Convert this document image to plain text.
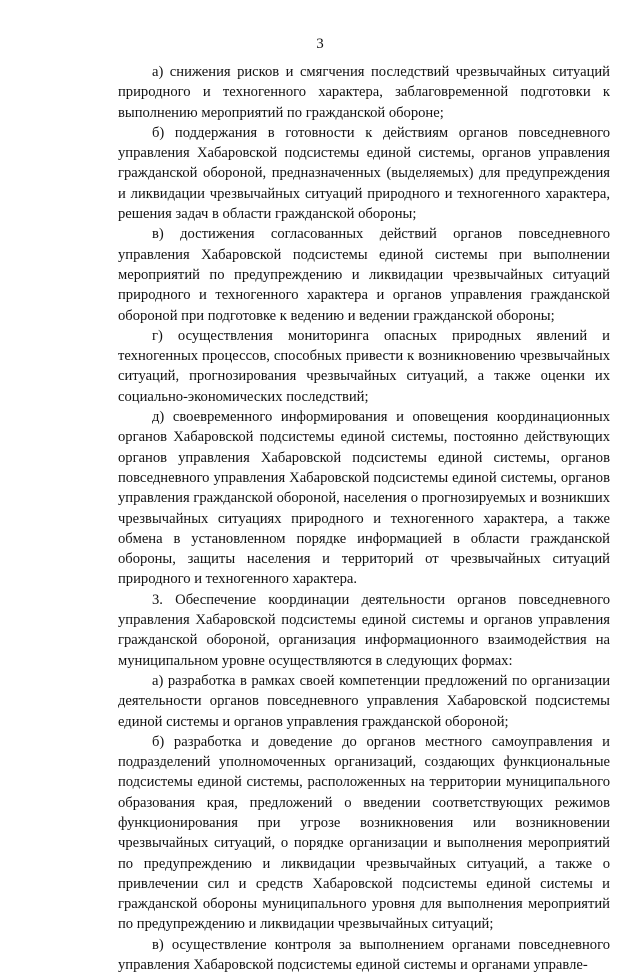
3

а) снижения рисков и смягчения последствий чрезвычайных ситуаций природного и техногенного характера, заблаговременной подготовки к выполнению мероприятий по гражданской обороне;

б) поддержания в готовности к действиям органов повседневного управления Хабаровской подсистемы единой системы, органов управления гражданской обороной, предназначенных (выделяемых) для предупреждения и ликвидации чрезвычайных ситуаций природного и техногенного характера, решения задач в области гражданской обороны;

в) достижения согласованных действий органов повседневного управления Хабаровской подсистемы единой системы при выполнении мероприятий по предупреждению и ликвидации чрезвычайных ситуаций природного и техногенного характера и органов управления гражданской обороной при подготовке к ведению и ведении гражданской обороны;

г) осуществления мониторинга опасных природных явлений и техногенных процессов, способных привести к возникновению чрезвычайных ситуаций, прогнозирования чрезвычайных ситуаций, а также оценки их социально-экономических последствий;

д) своевременного информирования и оповещения координационных органов Хабаровской подсистемы единой системы, постоянно действующих органов управления Хабаровской подсистемы единой системы, органов повседневного управления Хабаровской подсистемы единой системы, органов управления гражданской обороной, населения о прогнозируемых и возникших чрезвычайных ситуациях природного и техногенного характера, а также обмена в установленном порядке информацией в области гражданской обороны, защиты населения и территорий от чрезвычайных ситуаций природного и техногенного характера.

3. Обеспечение координации деятельности органов повседневного управления Хабаровской подсистемы единой системы и органов управления гражданской обороной, организация информационного взаимодействия на муниципальном уровне осуществляются в следующих формах:

а) разработка в рамках своей компетенции предложений по организации деятельности органов повседневного управления Хабаровской подсистемы единой системы и органов управления гражданской обороной;

б) разработка и доведение до органов местного самоуправления и подразделений уполномоченных организаций, создающих функциональные подсистемы единой системы, расположенных на территории муниципального образования края, предложений о введении соответствующих режимов функционирования при угрозе возникновения или возникновении чрезвычайных ситуаций, о порядке организации и выполнения мероприятий по предупреждению и ликвидации чрезвычайных ситуаций, а также о привлечении сил и средств Хабаровской подсистемы единой системы и гражданской обороны муниципального уровня для выполнения мероприятий по предупреждению и ликвидации чрезвычайных ситуаций;

в) осуществление контроля за выполнением органами повседневного управления Хабаровской подсистемы единой системы и органами управле-
